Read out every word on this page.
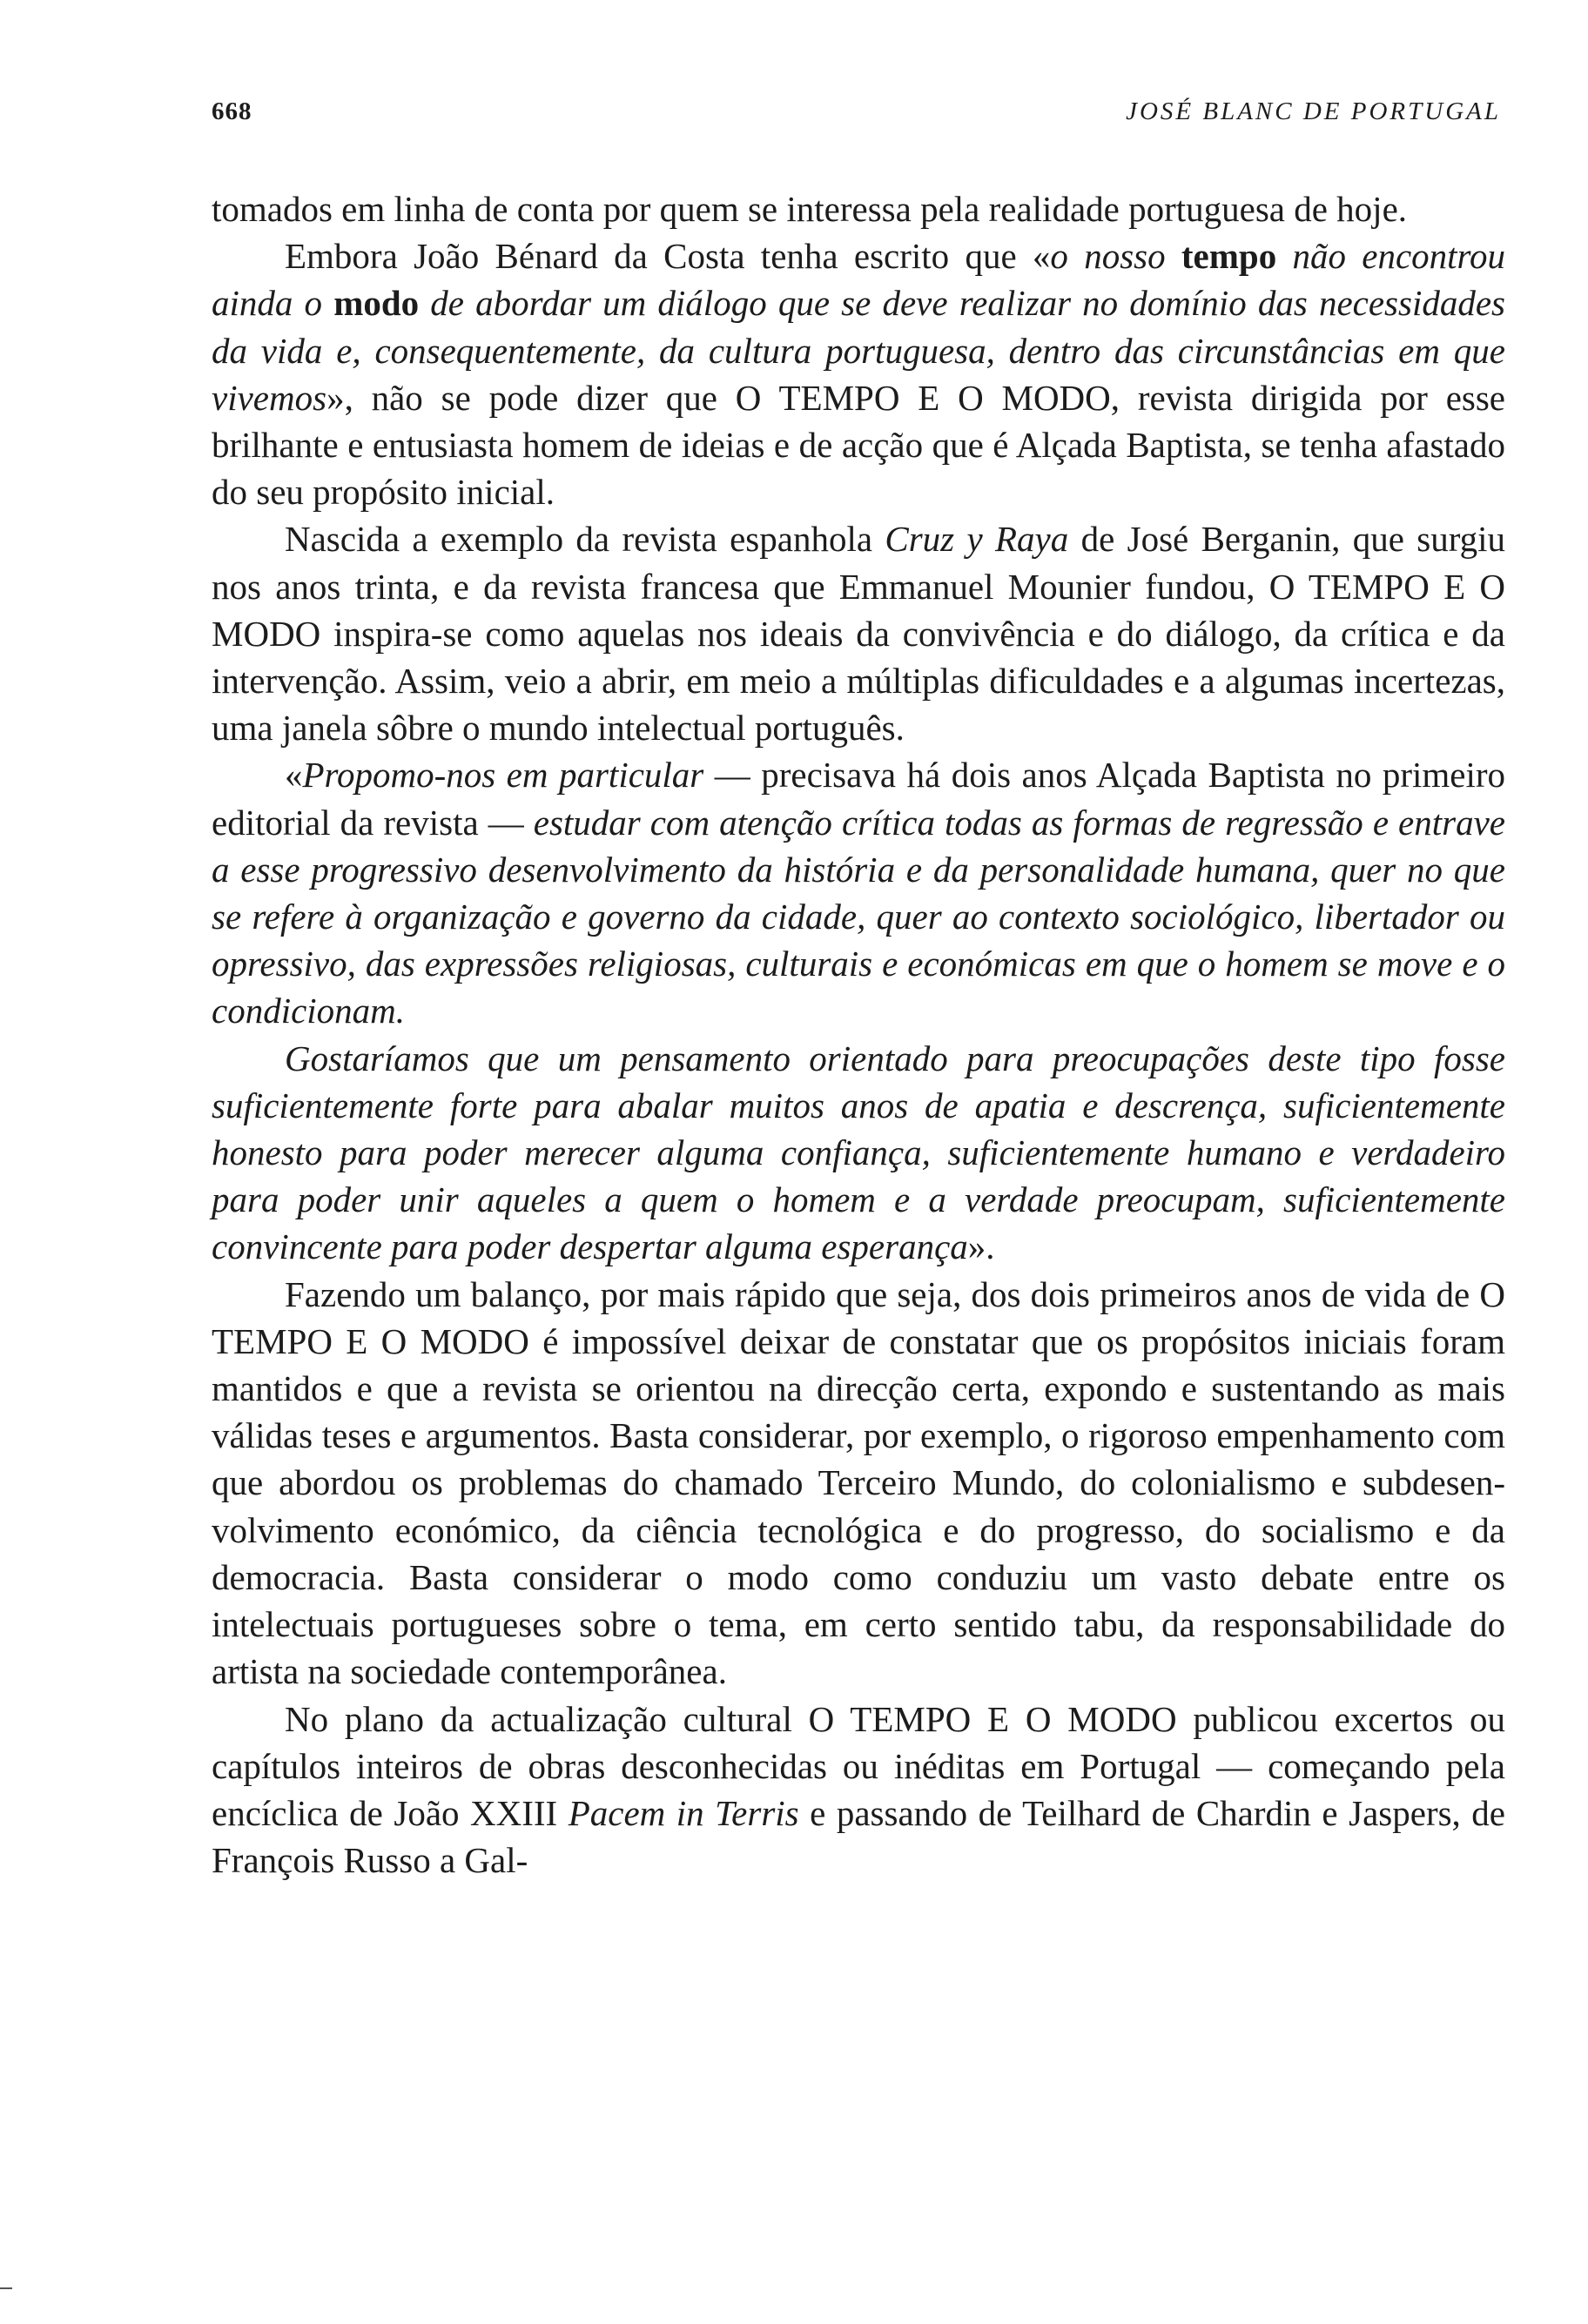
668	JOSÉ BLANC DE PORTUGAL

tomados em linha de conta por quem se interessa pela realidade portuguesa de hoje.

Embora João Bénard da Costa tenha escrito que «o nosso tempo não encontrou ainda o modo de abordar um diálogo que se deve realizar no domínio das necessidades da vida e, consequentemente, da cultura portuguesa, dentro das circunstâncias em que vivemos», não se pode dizer que O TEMPO E O MODO, revista dirigida por esse brilhante e entusiasta homem de ideias e de acção que é Alçada Baptista, se tenha afastado do seu propósito inicial.

Nascida a exemplo da revista espanhola Cruz y Raya de José Berganin, que surgiu nos anos trinta, e da revista francesa que Emmanuel Mounier fundou, O TEMPO E O MODO inspira-se como aquelas nos ideais da convivência e do diálogo, da crítica e da intervenção. Assim, veio a abrir, em meio a múltiplas dificuldades e a algumas incertezas, uma janela sôbre o mundo intelectual português.

«Propomo-nos em particular — precisava há dois anos Alçada Baptista no primeiro editorial da revista — estudar com atenção crítica todas as formas de regressão e entrave a esse progressivo desenvolvimento da história e da personalidade humana, quer no que se refere à organização e governo da cidade, quer ao contexto sociológico, libertador ou opressivo, das expressões religiosas, culturais e económicas em que o homem se move e o condicionam.

Gostaríamos que um pensamento orientado para preocupações deste tipo fosse suficientemente forte para abalar muitos anos de apatia e descrença, suficientemente honesto para poder merecer alguma confiança, suficientemente humano e verdadeiro para poder unir aqueles a quem o homem e a verdade preocupam, suficientemente convincente para poder despertar alguma esperança».

Fazendo um balanço, por mais rápido que seja, dos dois primeiros anos de vida de O TEMPO E O MODO é impossível deixar de constatar que os propósitos iniciais foram mantidos e que a revista se orientou na direcção certa, expondo e sustentando as mais válidas teses e argumentos. Basta considerar, por exemplo, o rigoroso empenhamento com que abordou os problemas do chamado Terceiro Mundo, do colonialismo e subdesenvolvimento económico, da ciência tecnológica e do progresso, do socialismo e da democracia. Basta considerar o modo como conduziu um vasto debate entre os intelectuais portugueses sobre o tema, em certo sentido tabu, da responsabilidade do artista na sociedade contemporânea.

No plano da actualização cultural O TEMPO E O MODO publicou excertos ou capítulos inteiros de obras desconhecidas ou inéditas em Portugal — começando pela encíclica de João XXIII Pacem in Terris e passando de Teilhard de Chardin e Jaspers, de François Russo a Gal-
